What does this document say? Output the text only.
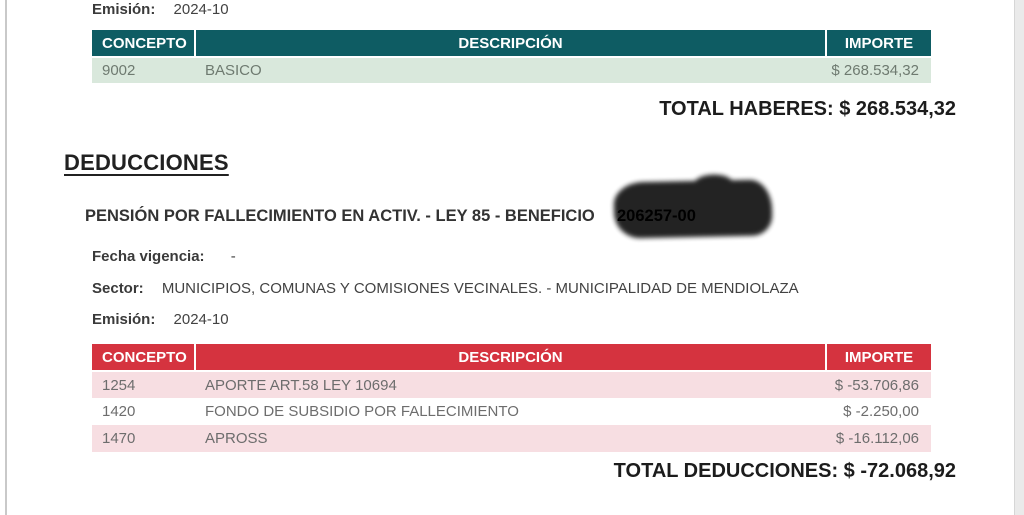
Emisión: 2024-10
CONCEPTO	DESCRIPCIÓN	IMPORTE
9002	BASICO	$ 268.534,32
TOTAL HABERES: $ 268.534,32
DEDUCCIONES
PENSIÓN POR FALLECIMIENTO EN ACTIV. - LEY 85 - BENEFICIO 206257-00
Fecha vigencia: -
Sector: MUNICIPIOS, COMUNAS Y COMISIONES VECINALES. - MUNICIPALIDAD DE MENDIOLAZA
Emisión: 2024-10
CONCEPTO	DESCRIPCIÓN	IMPORTE
1254	APORTE ART.58 LEY 10694	$ -53.706,86
1420	FONDO DE SUBSIDIO POR FALLECIMIENTO	$ -2.250,00
1470	APROSS	$ -16.112,06
TOTAL DEDUCCIONES: $ -72.068,92
